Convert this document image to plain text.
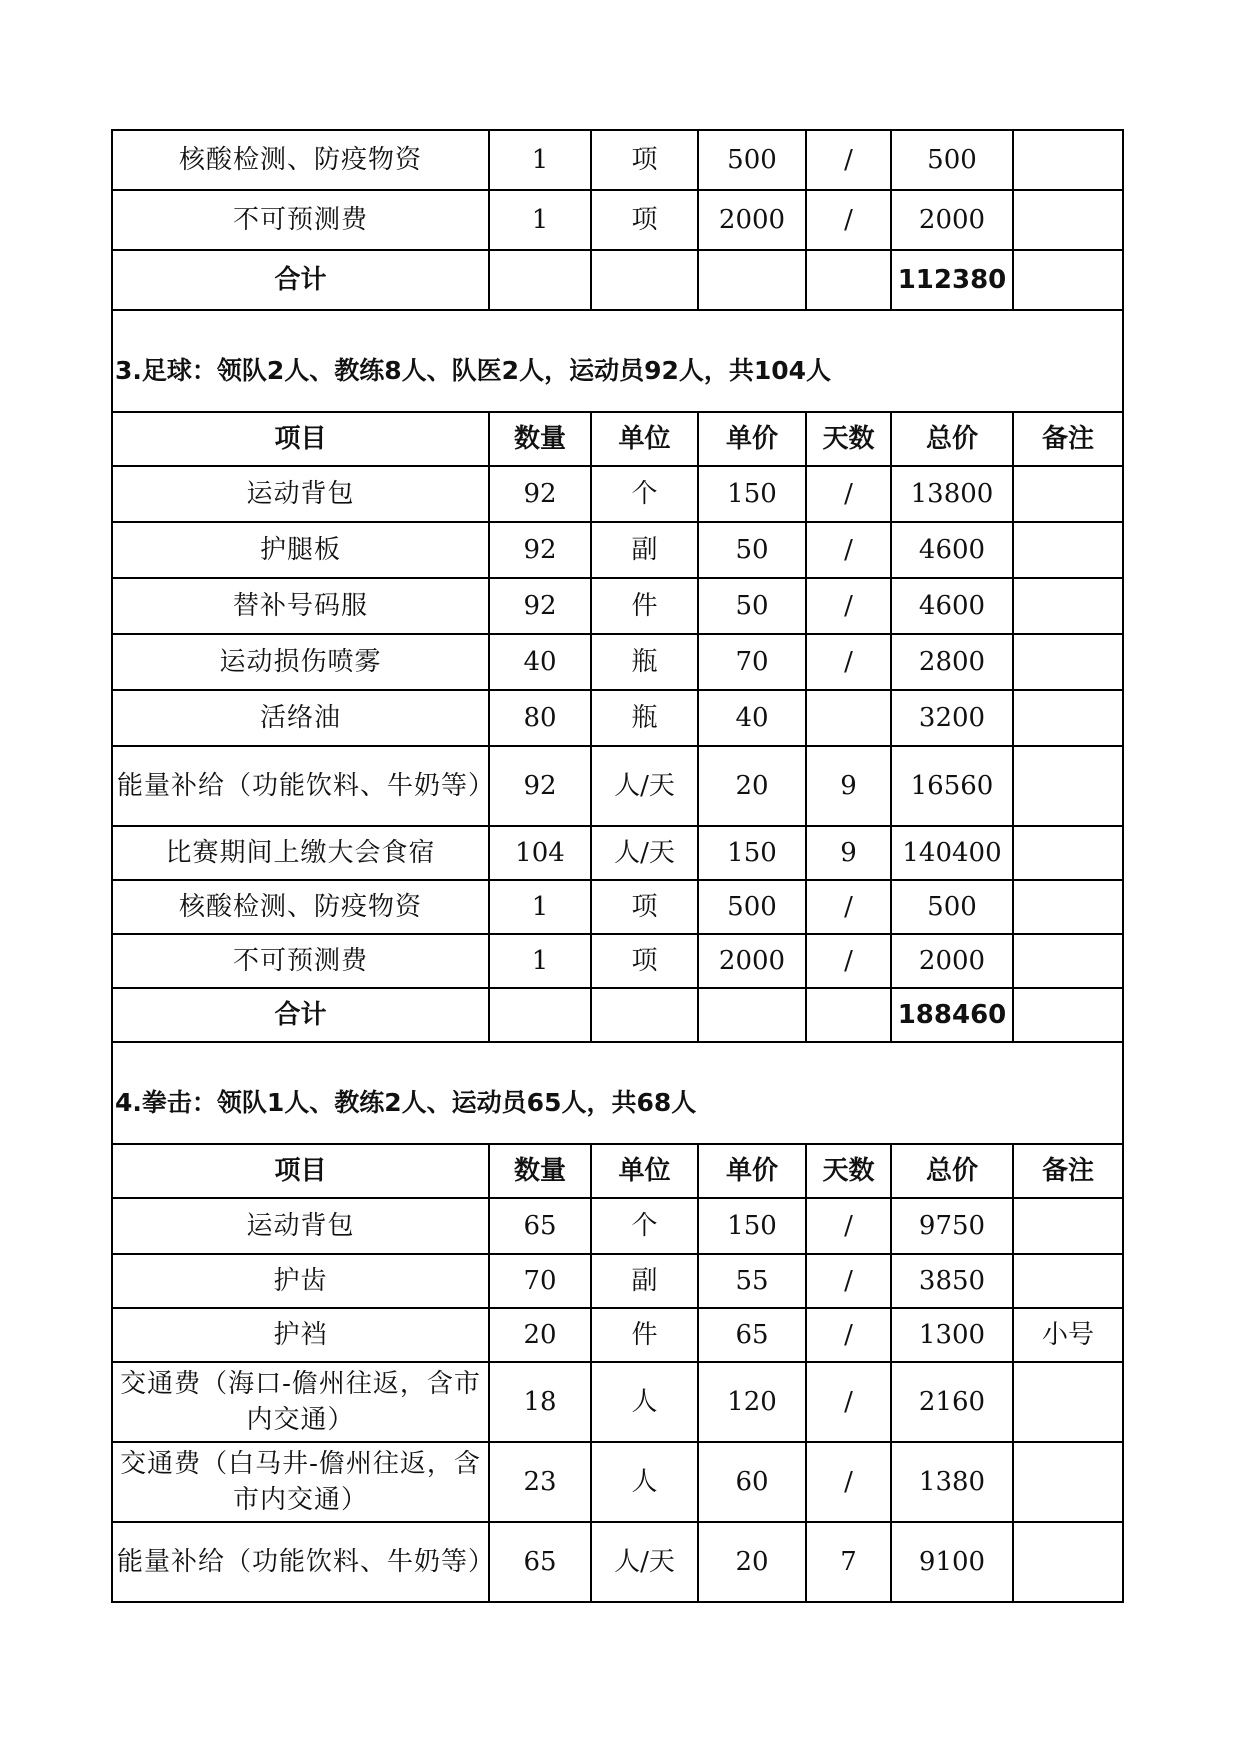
核酸检测、防疫物资	1	项	500	/	500	
不可预测费	1	项	2000	/	2000	
合计					112380	
3.足球：领队2人、教练8人、队医2人，运动员92人，共104人						
项目	数量	单位	单价	天数	总价	备注
运动背包	92	个	150	/	13800	
护腿板	92	副	50	/	4600	
替补号码服	92	件	50	/	4600	
运动损伤喷雾	40	瓶	70	/	2800	
活络油	80	瓶	40		3200	
能量补给（功能饮料、牛奶等）	92	人/天	20	9	16560	
比赛期间上缴大会食宿	104	人/天	150	9	140400	
核酸检测、防疫物资	1	项	500	/	500	
不可预测费	1	项	2000	/	2000	
合计					188460	
4.拳击：领队1人、教练2人、运动员65人，共68人						
项目	数量	单位	单价	天数	总价	备注
运动背包	65	个	150	/	9750	
护齿	70	副	55	/	3850	
护裆	20	件	65	/	1300	小号
交通费（海口-儋州往返，含市内交通）	18	人	120	/	2160	
交通费（白马井-儋州往返，含市内交通）	23	人	60	/	1380	
能量补给（功能饮料、牛奶等）	65	人/天	20	7	9100	
